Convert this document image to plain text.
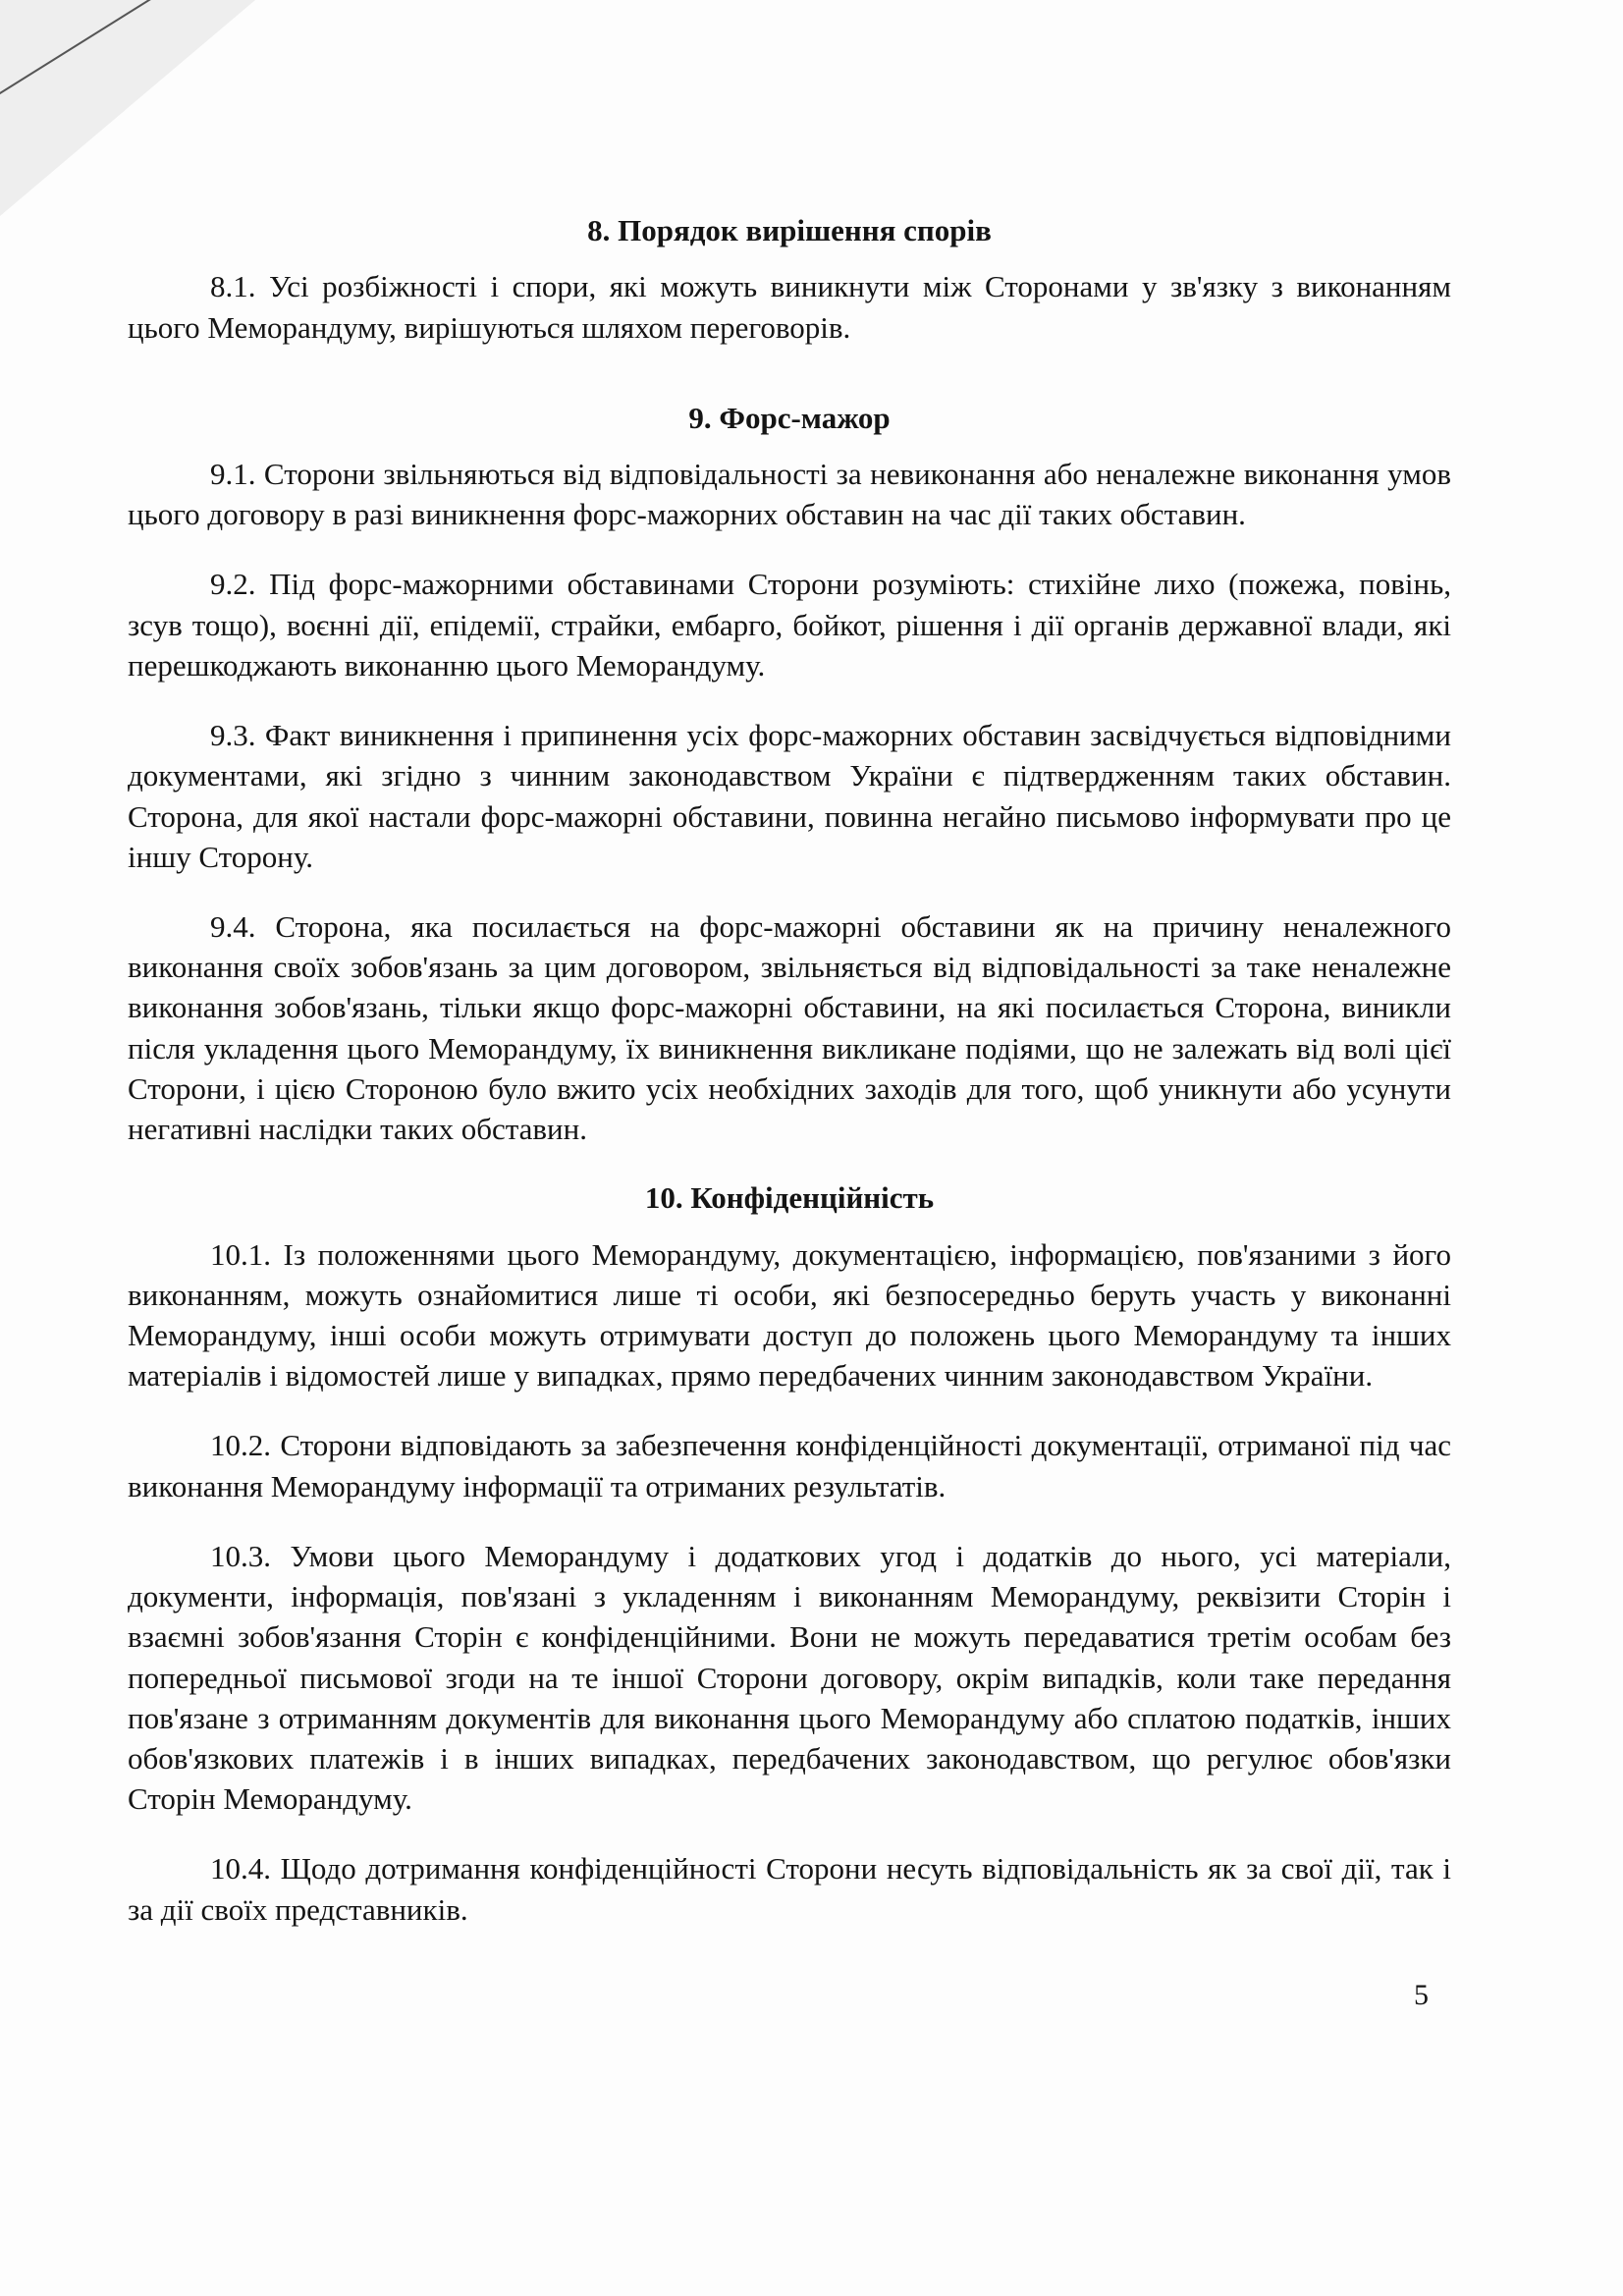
8. Порядок вирішення спорів

8.1. Усі розбіжності і спори, які можуть виникнути між Сторонами у зв'язку з виконанням цього Меморандуму, вирішуються шляхом переговорів.

9. Форс-мажор

9.1. Сторони звільняються від відповідальності за невиконання або неналежне виконання умов цього договору в разі виникнення форс-мажорних обставин на час дії таких обставин.

9.2. Під форс-мажорними обставинами Сторони розуміють: стихійне лихо (пожежа, повінь, зсув тощо), воєнні дії, епідемії, страйки, ембарго, бойкот, рішення і дії органів державної влади, які перешкоджають виконанню цього Меморандуму.

9.3. Факт виникнення і припинення усіх форс-мажорних обставин засвідчується відповідними документами, які згідно з чинним законодавством України є підтвердженням таких обставин. Сторона, для якої настали форс-мажорні обставини, повинна негайно письмово інформувати про це іншу Сторону.

9.4. Сторона, яка посилається на форс-мажорні обставини як на причину неналежного виконання своїх зобов'язань за цим договором, звільняється від відповідальності за таке неналежне виконання зобов'язань, тільки якщо форс-мажорні обставини, на які посилається Сторона, виникли після укладення цього Меморандуму, їх виникнення викликане подіями, що не залежать від волі цієї Сторони, і цією Стороною було вжито усіх необхідних заходів для того, щоб уникнути або усунути негативні наслідки таких обставин.

10. Конфіденційність

10.1. Із положеннями цього Меморандуму, документацією, інформацією, пов'язаними з його виконанням, можуть ознайомитися лише ті особи, які безпосередньо беруть участь у виконанні Меморандуму, інші особи можуть отримувати доступ до положень цього Меморандуму та інших матеріалів і відомостей лише у випадках, прямо передбачених чинним законодавством України.

10.2. Сторони відповідають за забезпечення конфіденційності документації, отриманої під час виконання Меморандуму інформації та отриманих результатів.

10.3. Умови цього Меморандуму і додаткових угод і додатків до нього, усі матеріали, документи, інформація, пов'язані з укладенням і виконанням Меморандуму, реквізити Сторін і взаємні зобов'язання Сторін є конфіденційними. Вони не можуть передаватися третім особам без попередньої письмової згоди на те іншої Сторони договору, окрім випадків, коли таке передання пов'язане з отриманням документів для виконання цього Меморандуму або сплатою податків, інших обов'язкових платежів і в інших випадках, передбачених законодавством, що регулює обов'язки Сторін Меморандуму.

10.4. Щодо дотримання конфіденційності Сторони несуть відповідальність як за свої дії, так і за дії своїх представників.

5
